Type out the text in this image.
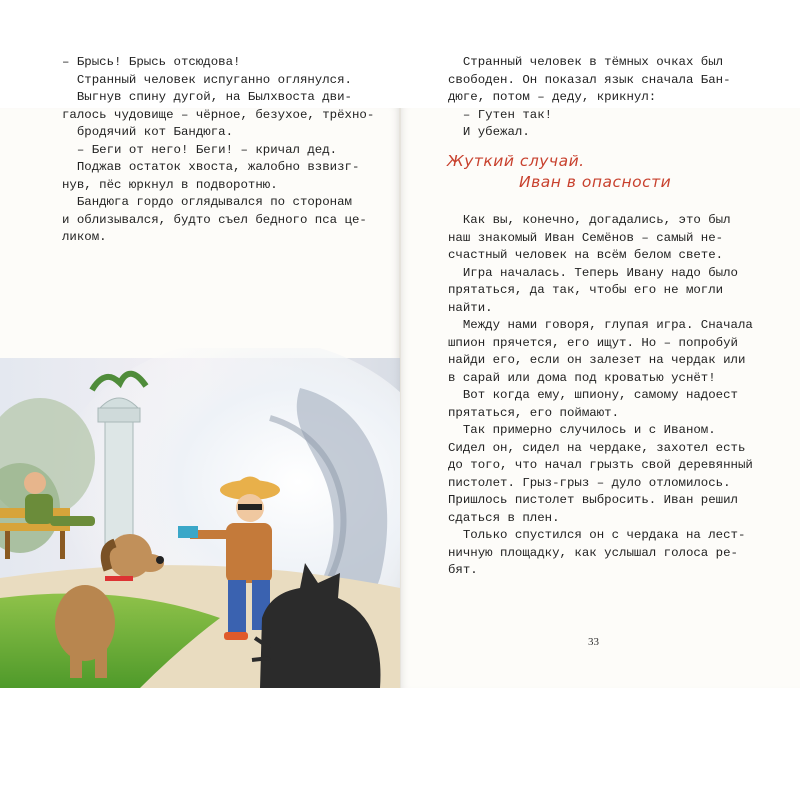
– Брысь! Брысь отсюдова!

Странный человек испуганно оглянулся.

Выгнув спину дугой, на Былхвоста дви-

галось чудовище – чёрное, безухое, трёхно-

бродячий кот Бандюга.

– Беги от него! Беги! – кричал дед.

Поджав остаток хвоста, жалобно взвизг-

нув, пёс юркнул в подворотню.

Бандюга гордо оглядывался по сторонам

и облизывался, будто съел бедного пса це-

ликом.

Странный человек в тёмных очках был

свободен. Он показал язык сначала Бан-

дюге, потом – деду, крикнул:

– Гутен так!

И убежал.

Жуткий случай.
Иван в опасности

Как вы, конечно, догадались, это был

наш знакомый Иван Семёнов – самый не-

счастный человек на всём белом свете.

Игра началась. Теперь Ивану надо было

прятаться, да так, чтобы его не могли

найти.

Между нами говоря, глупая игра. Сначала

шпион прячется, его ищут. Но – попробуй

найди его, если он залезет на чердак или

в сарай или дома под кроватью уснёт!

Вот когда ему, шпиону, самому надоест

прятаться, его поймают.

Так примерно случилось и с Иваном.

Сидел он, сидел на чердаке, захотел есть

до того, что начал грызть свой деревянный

пистолет. Грыз-грыз – дуло отломилось.

Пришлось пистолет выбросить. Иван решил

сдаться в плен.

Только спустился он с чердака на лест-

ничную площадку, как услышал голоса ре-

бят.

33
